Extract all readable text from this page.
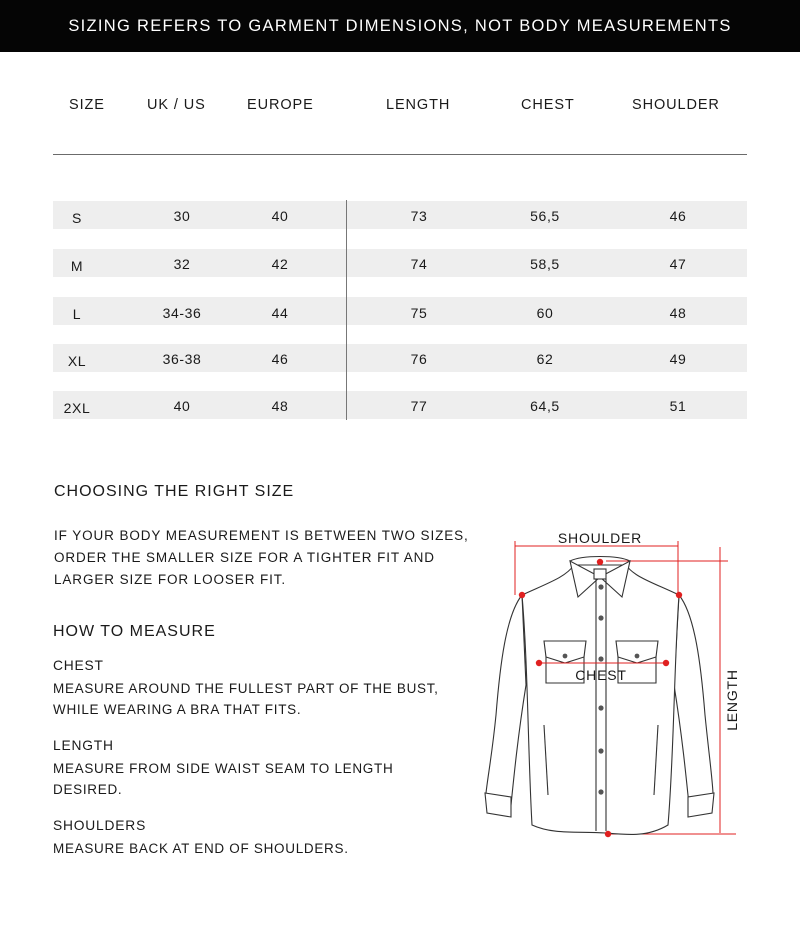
SIZING REFERS TO GARMENT DIMENSIONS, NOT BODY MEASUREMENTS
SIZE	UK / US	EUROPE	LENGTH	CHEST	SHOULDER
S	30	40	73	56,5	46
M	32	42	74	58,5	47
L	34-36	44	75	60	48
XL	36-38	46	76	62	49
2XL	40	48	77	64,5	51
CHOOSING THE RIGHT SIZE
IF YOUR BODY MEASUREMENT IS BETWEEN TWO SIZES,
ORDER THE SMALLER SIZE FOR A TIGHTER FIT AND
LARGER SIZE FOR LOOSER FIT.
HOW TO MEASURE
CHEST
MEASURE AROUND THE FULLEST PART OF THE BUST,
WHILE WEARING A BRA THAT FITS.
LENGTH
MEASURE FROM SIDE WAIST SEAM TO LENGTH
DESIRED.
SHOULDERS
MEASURE BACK AT END OF SHOULDERS.
SHOULDER
LENGTH
CHEST
